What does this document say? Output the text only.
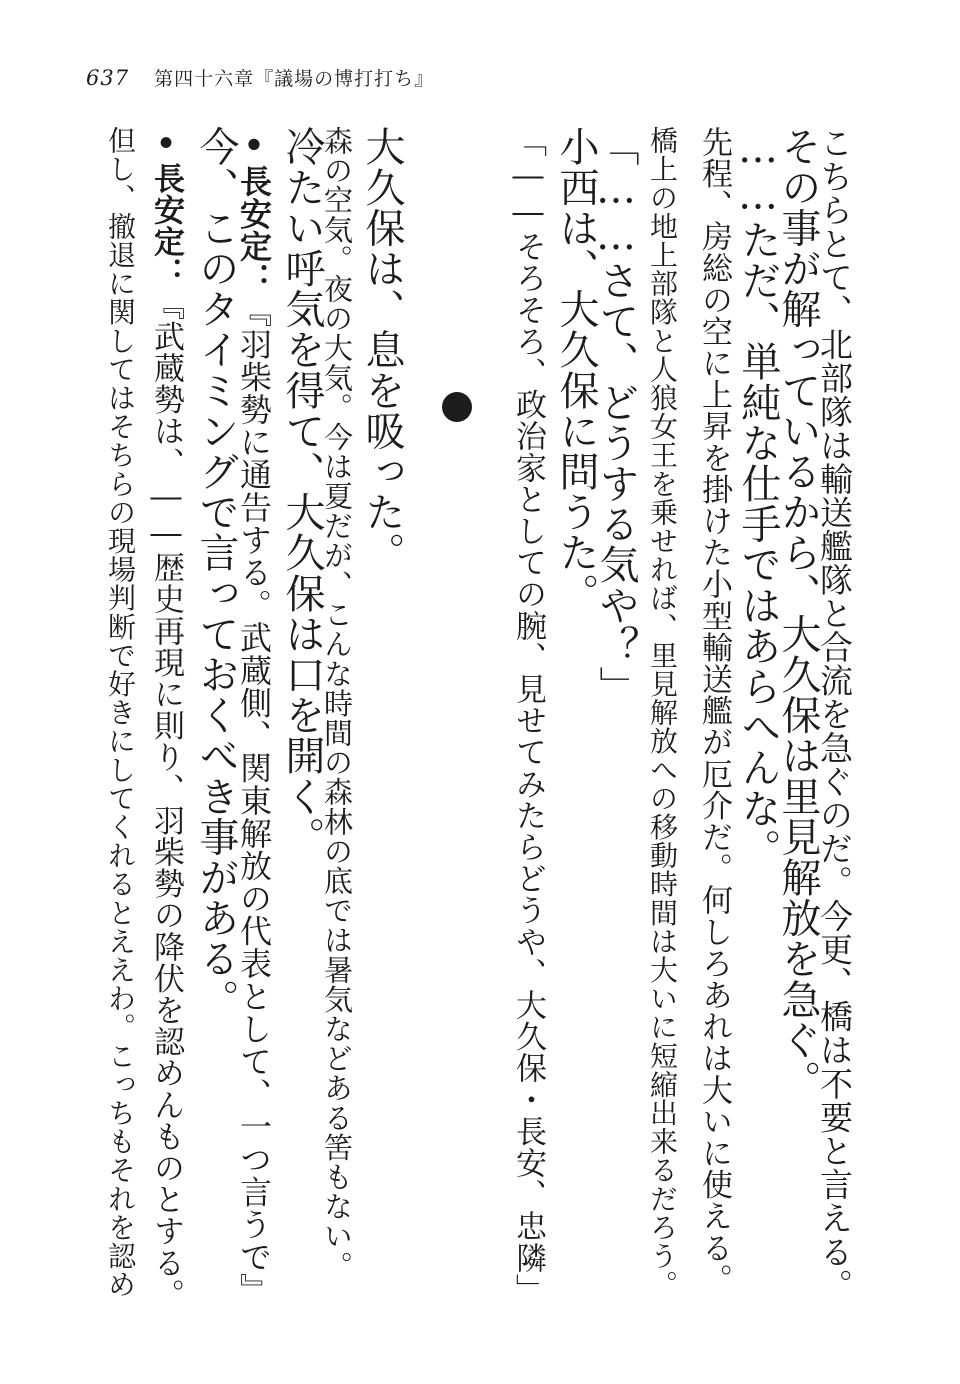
637 第四十六章『議場の博打打ち』
こちらとて、北部隊は輸送艦隊と合流を急ぐのだ。今更、橋は不要と言える。
その事が解っているから、大久保は里見解放を急ぐ。
……ただ、単純な仕手ではあらへんな。
先程、房総の空に上昇を掛けた小型輸送艦が厄介だ。何しろあれは大いに使える。
橋上の地上部隊と人狼女王を乗せれば、里見解放への移動時間は大いに短縮出来るだろう。
「……さて、どうする気や？」
小西は、大久保に問うた。
「――そろそろ、政治家としての腕、見せてみたらどうや、大久保・長安、忠隣」
大久保は、息を吸った。
森の空気。夜の大気。今は夏だが、こんな時間の森林の底では暑気などある筈もない。
冷たい呼気を得て、大久保は口を開く。
•長安定：『羽柴勢に通告する。武蔵側、関東解放の代表として、一つ言うで』
今、このタイミングで言っておくべき事がある。
•長安定：『武蔵勢は、――歴史再現に則り、羽柴勢の降伏を認めんものとする。
但し、撤退に関してはそちらの現場判断で好きにしてくれるとええわ。こっちもそれを認め
